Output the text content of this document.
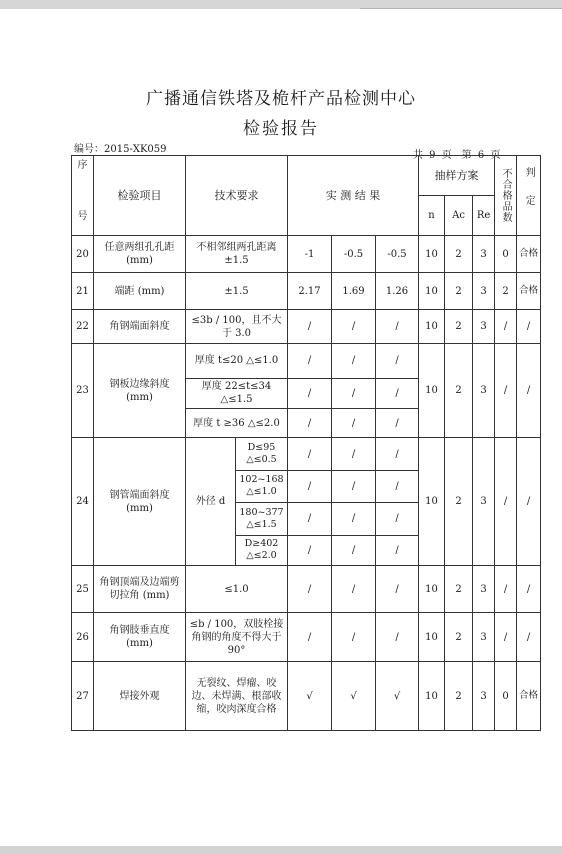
广播通信铁塔及桅杆产品检测中心
检验报告
编号：2015-XK059
共 9 页　第 6 页
序
号	检验项目	技术要求		实 测 结 果			抽样方案			不合格品数	判定
							n	Ac	Re		
20	任意两组孔孔距 (mm)	不相邻组两孔距离 ±1.5		-1	-0.5	-0.5	10	2	3	0	合格
21	端距 (mm)	±1.5		2.17	1.69	1.26	10	2	3	2	合格
22	角钢端面斜度	≤3b / 100，且不大于 3.0		/	/	/	10	2	3	/	/
23	钢板边缘斜度 (mm)	厚度 t≤20 △≤1.0		/	/	/	10	2	3	/	/
		厚度 22≤t≤34 △≤1.5		/	/	/					
		厚度 t ≥36 △≤2.0		/	/	/					
24	钢管端面斜度 (mm)	外径 d	D≤95 △≤0.5	/	/	/	10	2	3	/	/
			102~168 △≤1.0	/	/	/					
			180~377 △≤1.5	/	/	/					
			D≥402 △≤2.0	/	/	/					
25	角钢顶端及边端剪切拉角 (mm)	≤1.0		/	/	/	10	2	3	/	/
26	角钢肢垂直度 (mm)	≤b / 100，双肢栓接角钢的角度不得大于　90°		/	/	/	10	2	3	/	/
27	焊接外观	无裂纹、焊瘤、咬边、未焊满、根部收缩，咬肉深度合格		√	√	√	10	2	3	0	合格
